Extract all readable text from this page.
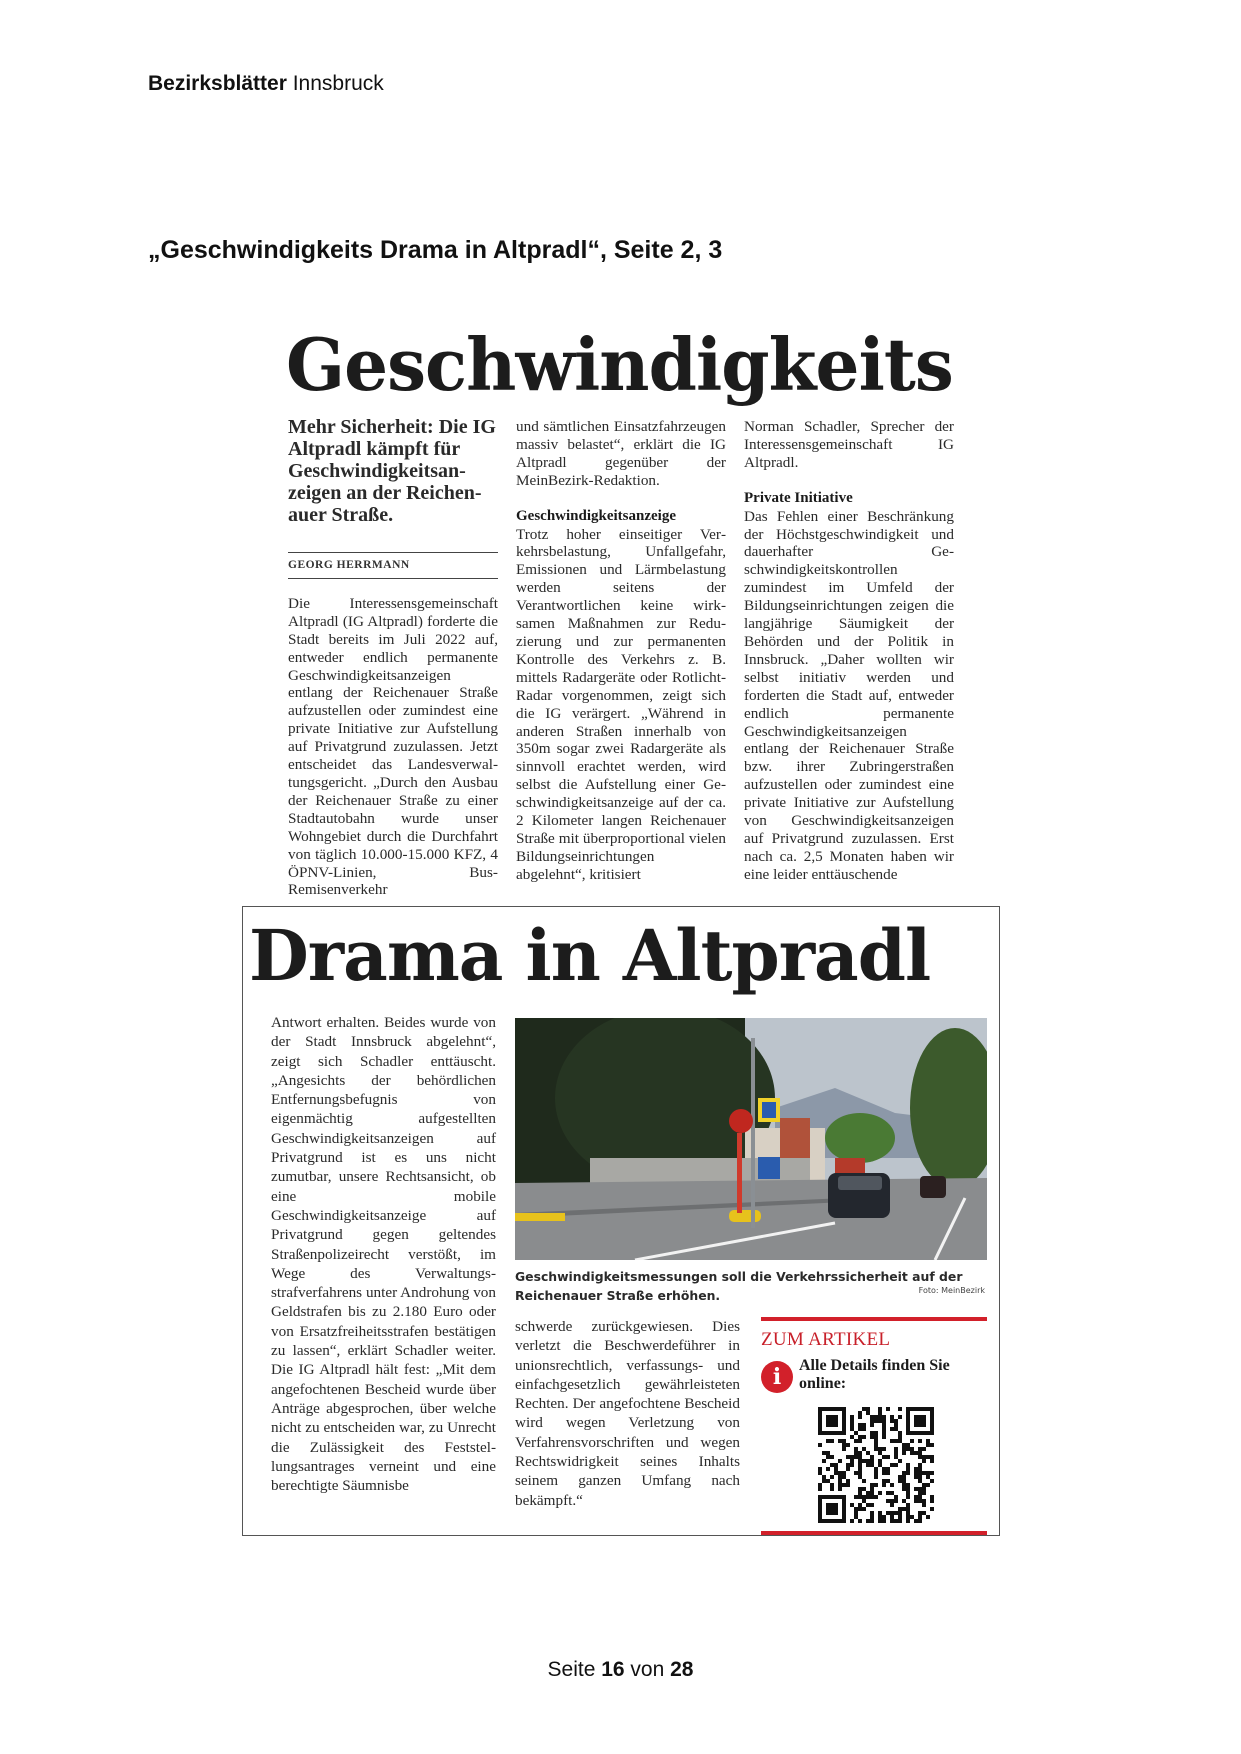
Bezirksblätter Innsbruck
„Geschwindigkeits Drama in Altpradl“, Seite 2, 3
Geschwindigkeits

Mehr Sicherheit: Die IG Altpradl kämpft für Geschwindigkeitsanzeigen an der Reichenauer Straße.

GEORG HERRMANN

Die Interessensgemeinschaft Altpradl (IG Altpradl) forderte die Stadt bereits im Juli 2022 auf, entweder endlich permanente Geschwindigkeitsanzeigen entlang der Reichenauer Straße aufzustellen oder zumindest eine private Initiative zur Aufstellung auf Privatgrund zuzulassen. Jetzt entscheidet das Landesverwaltungsgericht. „Durch den Ausbau der Reichenauer Straße zu einer Stadtautobahn wurde unser Wohngebiet durch die Durchfahrt von täglich 10.000-15.000 KFZ, 4 ÖPNV-Linien, Bus-Remisenverkehr

und sämtlichen Einsatzfahrzeugen massiv belastet“, erklärt die IG Altpradl gegenüber der MeinBezirk-Redaktion.

Geschwindigkeitsanzeige

Trotz hoher einseitiger Verkehrsbelastung, Unfallgefahr, Emissionen und Lärmbelastung werden seitens der Verantwortlichen keine wirksamen Maßnahmen zur Reduzierung und zur permanenten Kontrolle des Verkehrs z. B. mittels Radargeräte oder Rotlicht-Radar vorgenommen, zeigt sich die IG verärgert. „Während in anderen Straßen innerhalb von 350m sogar zwei Radargeräte als sinnvoll erachtet werden, wird selbst die Aufstellung einer Geschwindigkeitsanzeige auf der ca. 2 Kilometer langen Reichenauer Straße mit überproportional vielen Bildungseinrichtungen abgelehnt“, kritisiert

Norman Schadler, Sprecher der Interessensgemeinschaft IG Altpradl.

Private Initiative

Das Fehlen einer Beschränkung der Höchstgeschwindigkeit und dauerhafter Geschwindigkeitskontrollen zumindest im Umfeld der Bildungseinrichtungen zeigen die langjährige Säumigkeit der Behörden und der Politik in Innsbruck. „Daher wollten wir selbst initiativ werden und forderten die Stadt auf, entweder endlich permanente Geschwindigkeitsanzeigen entlang der Reichenauer Straße bzw. ihrer Zubringerstraßen aufzustellen oder zumindest eine private Initiative zur Aufstellung von Geschwindigkeitsanzeigen auf Privatgrund zuzulassen. Erst nach ca. 2,5 Monaten haben wir eine leider enttäuschende

Drama in Altpradl

Antwort erhalten. Beides wurde von der Stadt Innsbruck abgelehnt“, zeigt sich Schadler enttäuscht. „Angesichts der behördlichen Entfernungsbefugnis von eigenmächtig aufgestellten Geschwindigkeitsanzeigen auf Privatgrund ist es uns nicht zumutbar, unsere Rechtsansicht, ob eine mobile Geschwindigkeitsanzeige auf Privatgrund gegen geltendes Straßenpolizeirecht verstößt, im Wege des Verwaltungsstrafverfahrens unter Androhung von Geldstrafen bis zu 2.180 Euro oder von Ersatzfreiheitsstrafen bestätigen zu lassen“, erklärt Schadler weiter. Die IG Altpradl hält fest: „Mit dem angefochtenen Bescheid wurde über Anträge abgesprochen, über welche nicht zu entscheiden war, zu Unrecht die Zulässigkeit des Feststellungsantrages verneint und eine berechtigte Säumnisbe

Geschwindigkeitsmessungen soll die Verkehrssicherheit auf der Reichenauer Straße erhöhen.	Foto: MeinBezirk

schwerde zurückgewiesen. Dies verletzt die Beschwerdeführer in unionsrechtlich, verfassungs- und einfachgesetzlich gewährleisteten Rechten. Der angefochtene Bescheid wird wegen Verletzung von Verfahrensvorschriften und wegen Rechtswidrigkeit seines Inhalts seinem ganzen Umfang nach bekämpft.“

ZUM ARTIKEL
i	Alle Details finden Sie online:
Seite 16 von 28
